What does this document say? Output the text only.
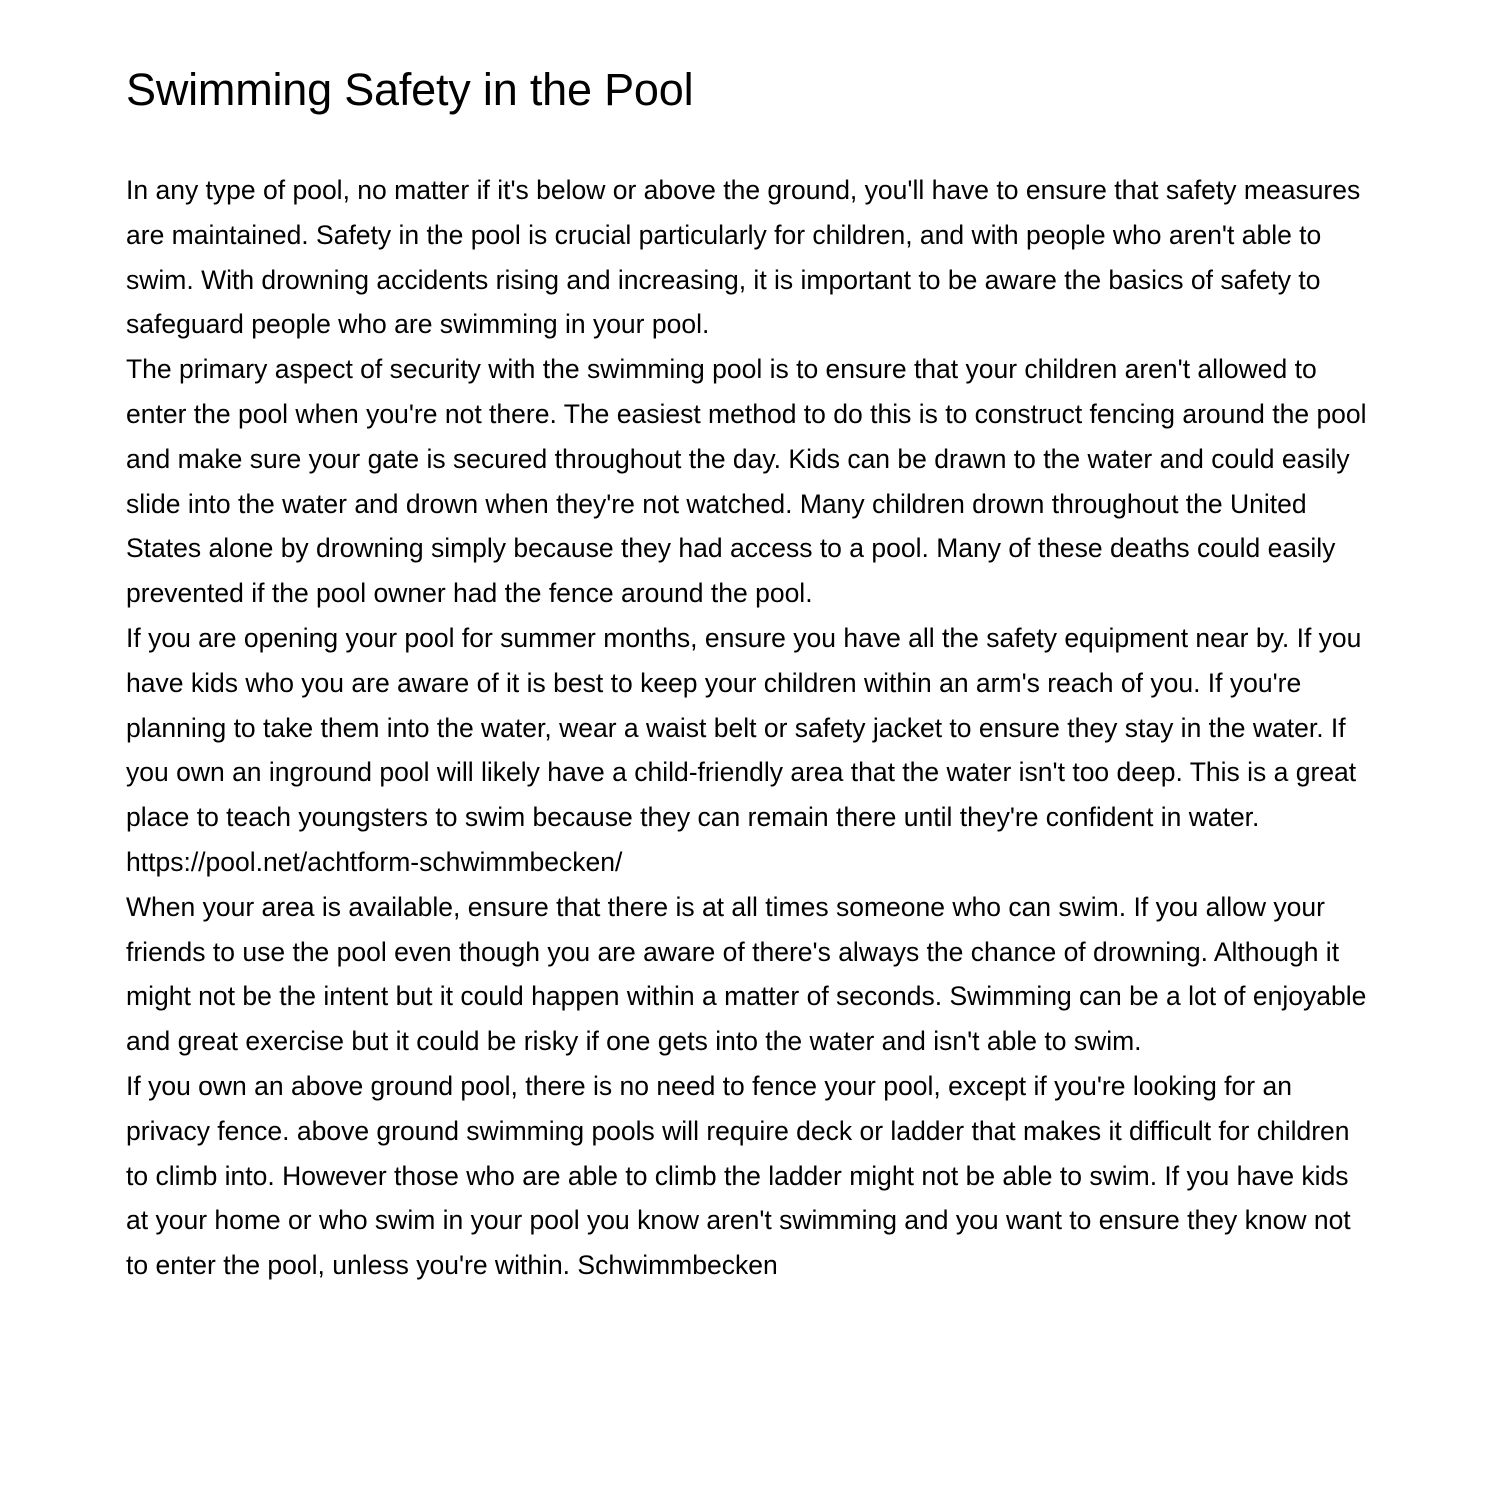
Swimming Safety in the Pool

In any type of pool, no matter if it's below or above the ground, you'll have to ensure that safety measures are maintained. Safety in the pool is crucial particularly for children, and with people who aren't able to swim. With drowning accidents rising and increasing, it is important to be aware the basics of safety to safeguard people who are swimming in your pool.

The primary aspect of security with the swimming pool is to ensure that your children aren't allowed to enter the pool when you're not there. The easiest method to do this is to construct fencing around the pool and make sure your gate is secured throughout the day. Kids can be drawn to the water and could easily slide into the water and drown when they're not watched. Many children drown throughout the United States alone by drowning simply because they had access to a pool. Many of these deaths could easily prevented if the pool owner had the fence around the pool.

If you are opening your pool for summer months, ensure you have all the safety equipment near by. If you have kids who you are aware of it is best to keep your children within an arm's reach of you. If you're planning to take them into the water, wear a waist belt or safety jacket to ensure they stay in the water. If you own an inground pool will likely have a child-friendly area that the water isn't too deep. This is a great place to teach youngsters to swim because they can remain there until they're confident in water.

https://pool.net/achtform-schwimmbecken/

When your area is available, ensure that there is at all times someone who can swim. If you allow your friends to use the pool even though you are aware of there's always the chance of drowning. Although it might not be the intent but it could happen within a matter of seconds. Swimming can be a lot of enjoyable and great exercise but it could be risky if one gets into the water and isn't able to swim.

If you own an above ground pool, there is no need to fence your pool, except if you're looking for an privacy fence. above ground swimming pools will require deck or ladder that makes it difficult for children to climb into. However those who are able to climb the ladder might not be able to swim. If you have kids at your home or who swim in your pool you know aren't swimming and you want to ensure they know not to enter the pool, unless you're within. Schwimmbecken
